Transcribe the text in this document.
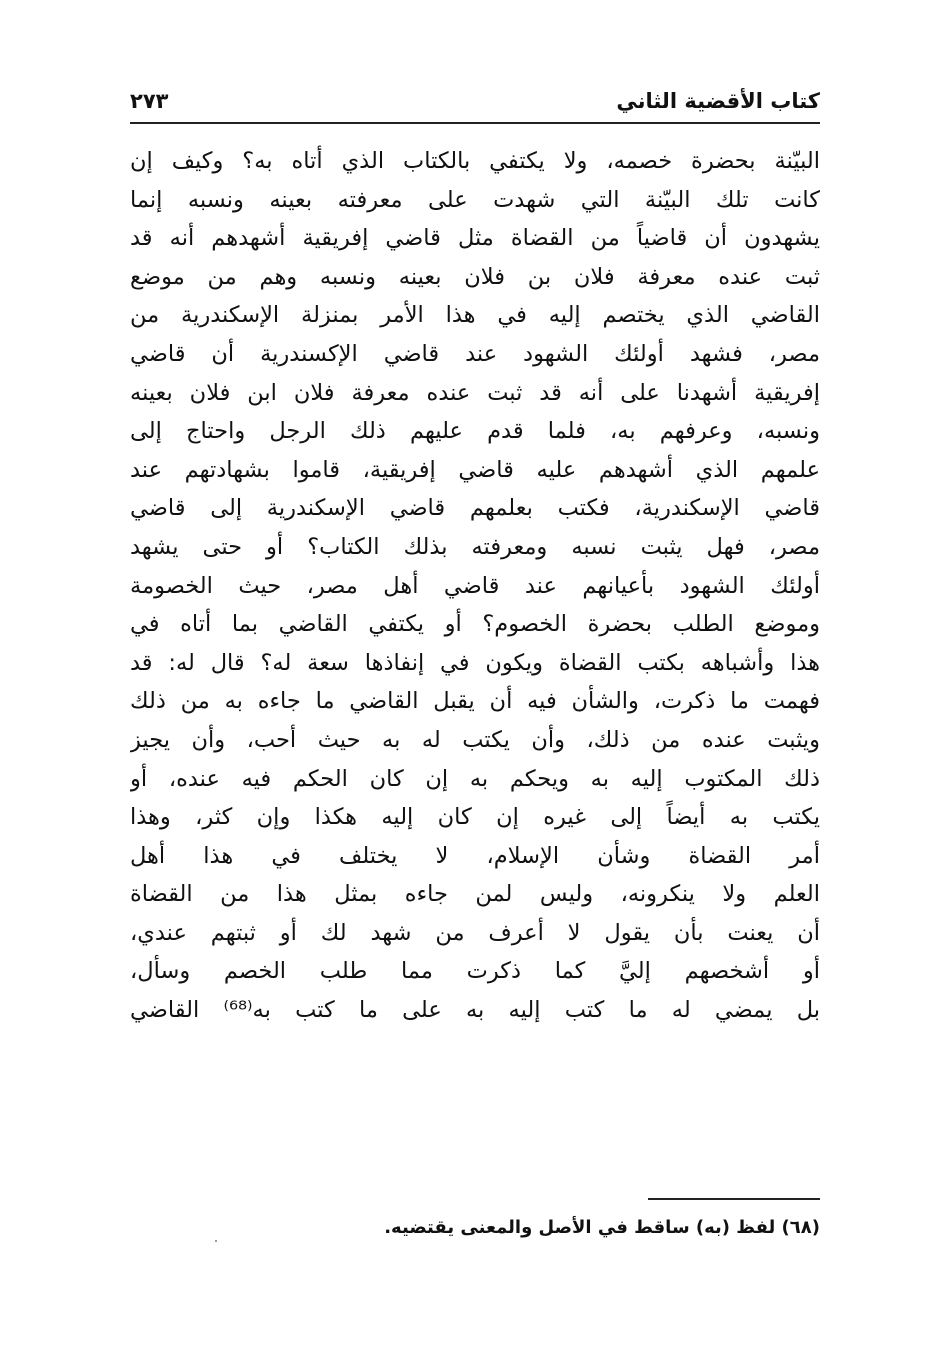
كتاب الأقضية الثاني
٢٧٣
البيّنة بحضرة خصمه، ولا يكتفي بالكتاب الذي أتاه به؟ وكيف إن
كانت تلك البيّنة التي شهدت على معرفته بعينه ونسبه إنما
يشهدون أن قاضياً من القضاة مثل قاضي إفريقية أشهدهم أنه قد
ثبت عنده معرفة فلان بن فلان بعينه ونسبه وهم من موضع
القاضي الذي يختصم إليه في هذا الأمر بمنزلة الإسكندرية من
مصر، فشهد أولئك الشهود عند قاضي الإكسندرية أن قاضي
إفريقية أشهدنا على أنه قد ثبت عنده معرفة فلان ابن فلان بعينه
ونسبه، وعرفهم به، فلما قدم عليهم ذلك الرجل واحتاج إلى
علمهم الذي أشهدهم عليه قاضي إفريقية، قاموا بشهادتهم عند
قاضي الإسكندرية، فكتب بعلمهم قاضي الإسكندرية إلى قاضي
مصر، فهل يثبت نسبه ومعرفته بذلك الكتاب؟ أو حتى يشهد
أولئك الشهود بأعيانهم عند قاضي أهل مصر، حيث الخصومة
وموضع الطلب بحضرة الخصوم؟ أو يكتفي القاضي بما أتاه في
هذا وأشباهه بكتب القضاة ويكون في إنفاذها سعة له؟ قال له: قد
فهمت ما ذكرت، والشأن فيه أن يقبل القاضي ما جاءه به من ذلك
ويثبت عنده من ذلك، وأن يكتب له به حيث أحب، وأن يجيز
ذلك المكتوب إليه به ويحكم به إن كان الحكم فيه عنده، أو
يكتب به أيضاً إلى غيره إن كان إليه هكذا وإن كثر، وهذا
أمر القضاة وشأن الإسلام، لا يختلف في هذا أهل
العلم ولا ينكرونه، وليس لمن جاءه بمثل هذا من القضاة
أن يعنت بأن يقول لا أعرف من شهد لك أو ثبتهم عندي،
أو أشخصهم إليَّ كما ذكرت مما طلب الخصم وسأل،
بل يمضي له ما كتب إليه به على ما كتب به⁽⁶⁸⁾ القاضي
(٦٨) لفظ (به) ساقط في الأصل والمعنى يقتضيه.
